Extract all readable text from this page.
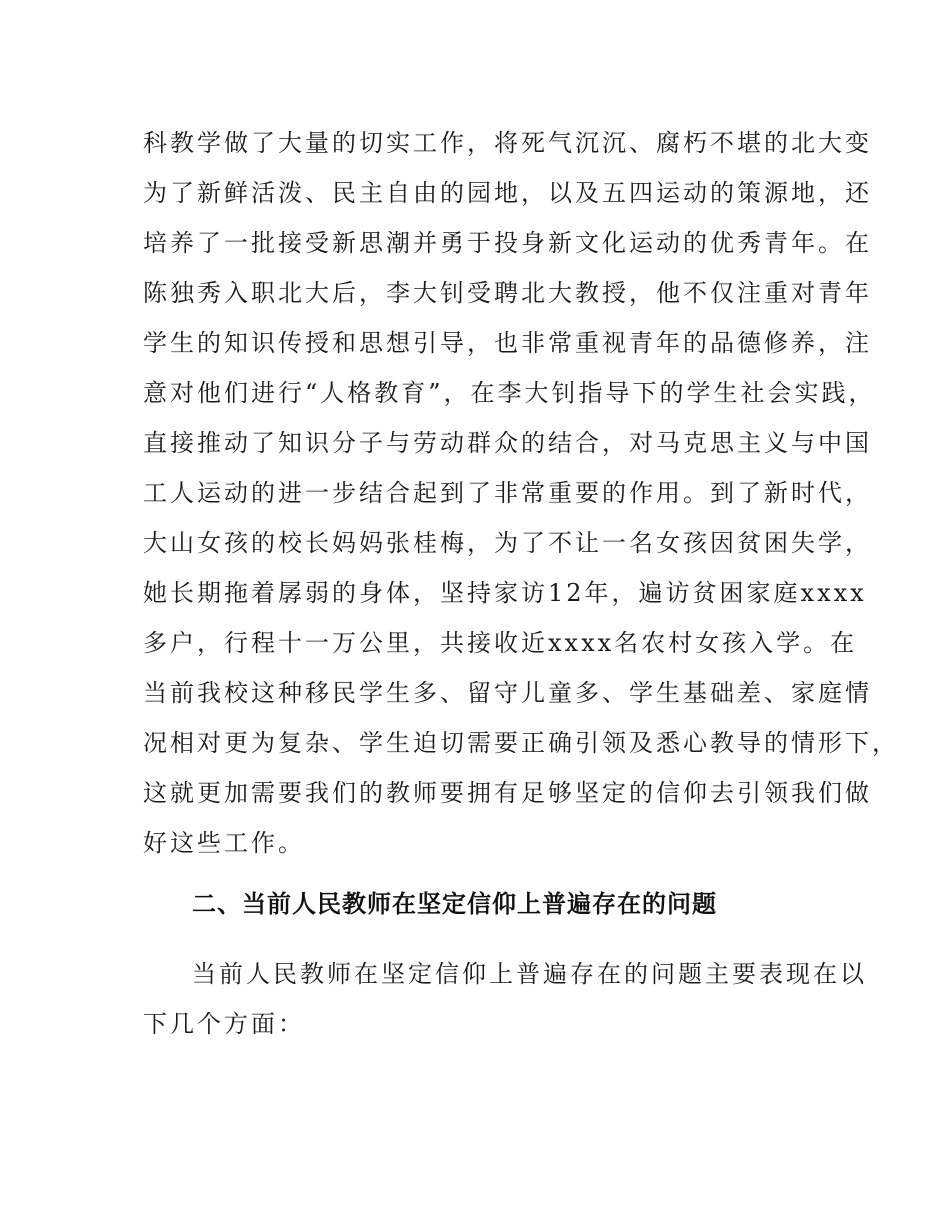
科教学做了大量的切实工作，将死气沉沉、腐朽不堪的北大变
为了新鲜活泼、民主自由的园地，以及五四运动的策源地，还
培养了一批接受新思潮并勇于投身新文化运动的优秀青年。在
陈独秀入职北大后，李大钊受聘北大教授，他不仅注重对青年
学生的知识传授和思想引导，也非常重视青年的品德修养，注
意对他们进行“人格教育”，在李大钊指导下的学生社会实践，
直接推动了知识分子与劳动群众的结合，对马克思主义与中国
工人运动的进一步结合起到了非常重要的作用。到了新时代，
大山女孩的校长妈妈张桂梅，为了不让一名女孩因贫困失学，
她长期拖着孱弱的身体，坚持家访12年，遍访贫困家庭xxxx
多户，行程十一万公里，共接收近xxxx名农村女孩入学。在
当前我校这种移民学生多、留守儿童多、学生基础差、家庭情
况相对更为复杂、学生迫切需要正确引领及悉心教导的情形下，
这就更加需要我们的教师要拥有足够坚定的信仰去引领我们做
好这些工作。
二、当前人民教师在坚定信仰上普遍存在的问题
当前人民教师在坚定信仰上普遍存在的问题主要表现在以
下几个方面：
